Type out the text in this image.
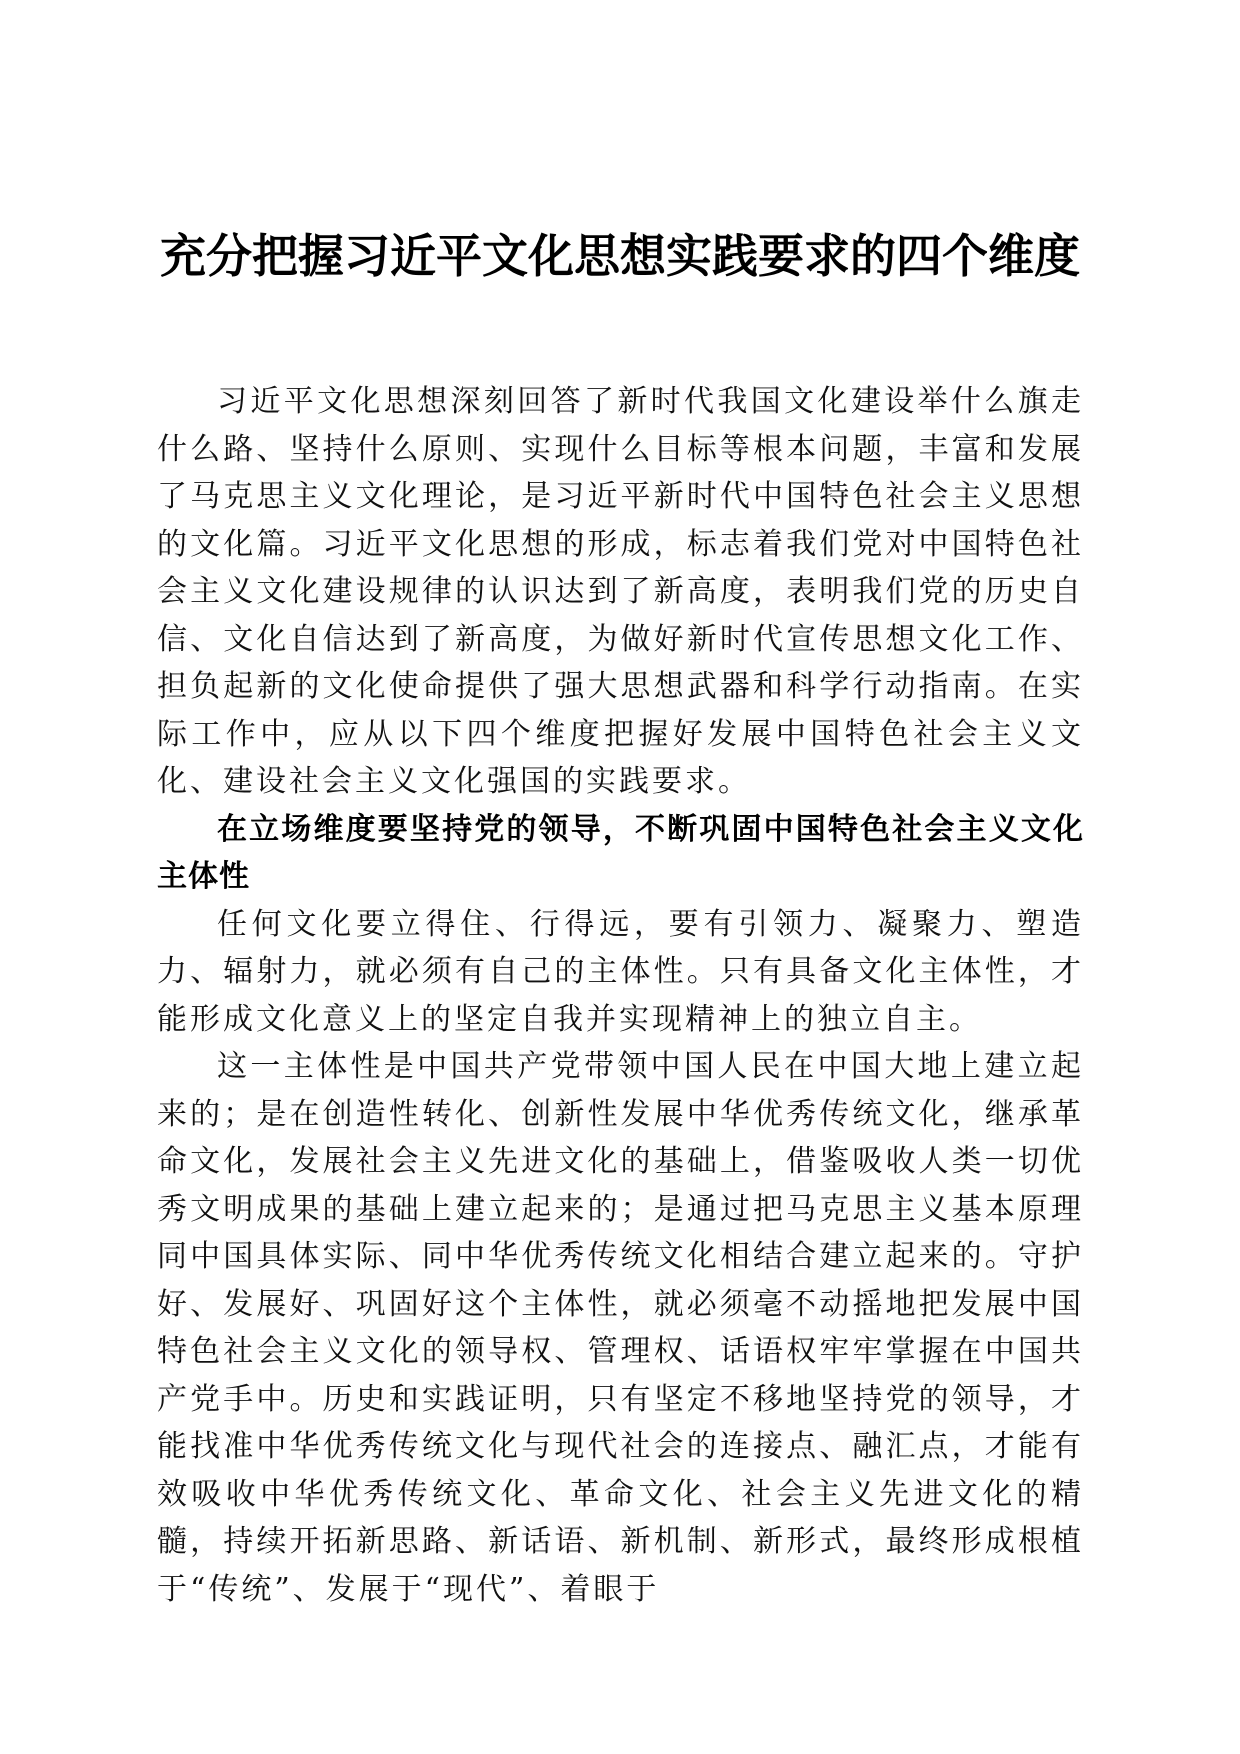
充分把握习近平文化思想实践要求的四个维度

习近平文化思想深刻回答了新时代我国文化建设举什么旗走什么路、坚持什么原则、实现什么目标等根本问题，丰富和发展了马克思主义文化理论，是习近平新时代中国特色社会主义思想的文化篇。习近平文化思想的形成，标志着我们党对中国特色社会主义文化建设规律的认识达到了新高度，表明我们党的历史自信、文化自信达到了新高度，为做好新时代宣传思想文化工作、担负起新的文化使命提供了强大思想武器和科学行动指南。在实际工作中，应从以下四个维度把握好发展中国特色社会主义文化、建设社会主义文化强国的实践要求。

在立场维度要坚持党的领导，不断巩固中国特色社会主义文化主体性

任何文化要立得住、行得远，要有引领力、凝聚力、塑造力、辐射力，就必须有自己的主体性。只有具备文化主体性，才能形成文化意义上的坚定自我并实现精神上的独立自主。

这一主体性是中国共产党带领中国人民在中国大地上建立起来的；是在创造性转化、创新性发展中华优秀传统文化，继承革命文化，发展社会主义先进文化的基础上，借鉴吸收人类一切优秀文明成果的基础上建立起来的；是通过把马克思主义基本原理同中国具体实际、同中华优秀传统文化相结合建立起来的。守护好、发展好、巩固好这个主体性，就必须毫不动摇地把发展中国特色社会主义文化的领导权、管理权、话语权牢牢掌握在中国共产党手中。历史和实践证明，只有坚定不移地坚持党的领导，才能找准中华优秀传统文化与现代社会的连接点、融汇点，才能有效吸收中华优秀传统文化、革命文化、社会主义先进文化的精髓，持续开拓新思路、新话语、新机制、新形式，最终形成根植于“传统”、发展于“现代”、着眼于
